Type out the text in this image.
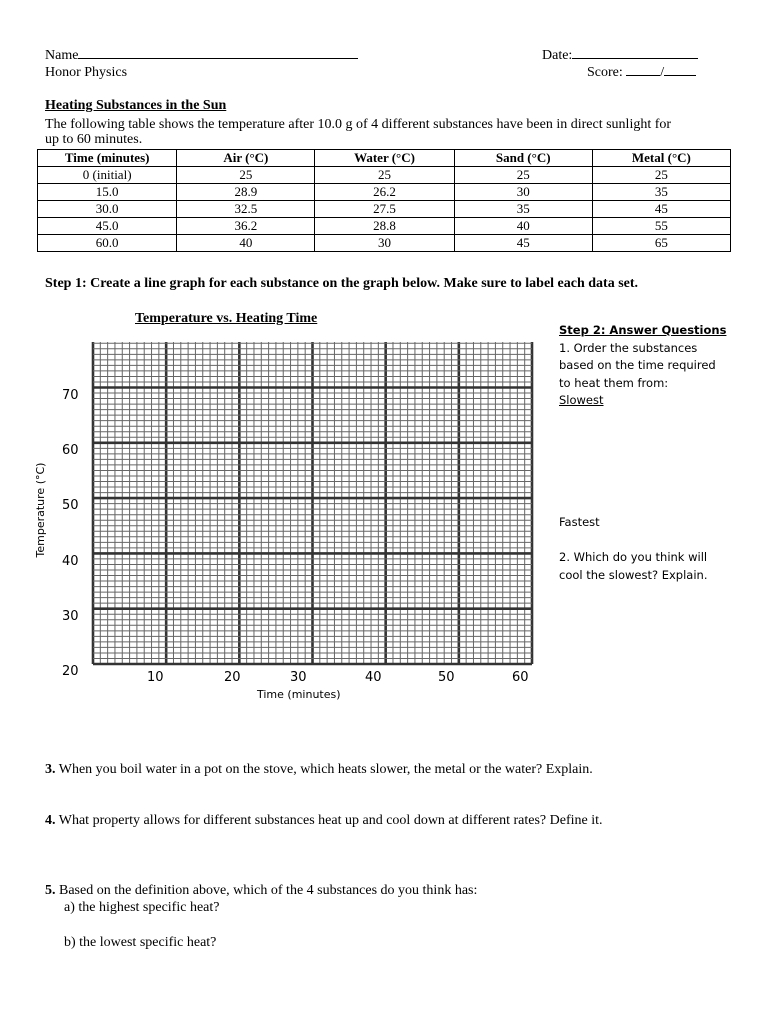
Name
Honor Physics
Date:
Score:	/
Heating Substances in the Sun
The following table shows the temperature after 10.0 g of 4 different substances have been in direct sunlight for
up to 60 minutes.
Time (minutes)	Air (°C)	Water (°C)	Sand (°C)	Metal (°C)
0 (initial)	25	25	25	25
15.0	28.9	26.2	30	35
30.0	32.5	27.5	35	45
45.0	36.2	28.8	40	55
60.0	40	30	45	65
Step 1: Create a line graph for each substance on the graph below. Make sure to label each data set.
Temperature vs. Heating Time
Temperature (°C)
70
60
50
40
30
20	10	20	30	40	50	60
Time (minutes)
Step 2: Answer Questions
1. Order the substances
based on the time required
to heat them from:
Slowest
Fastest
2. Which do you think will
cool the slowest? Explain.
3. When you boil water in a pot on the stove, which heats slower, the metal or the water? Explain.
4. What property allows for different substances heat up and cool down at different rates? Define it.
5. Based on the definition above, which of the 4 substances do you think has:
a) the highest specific heat?
b) the lowest specific heat?
